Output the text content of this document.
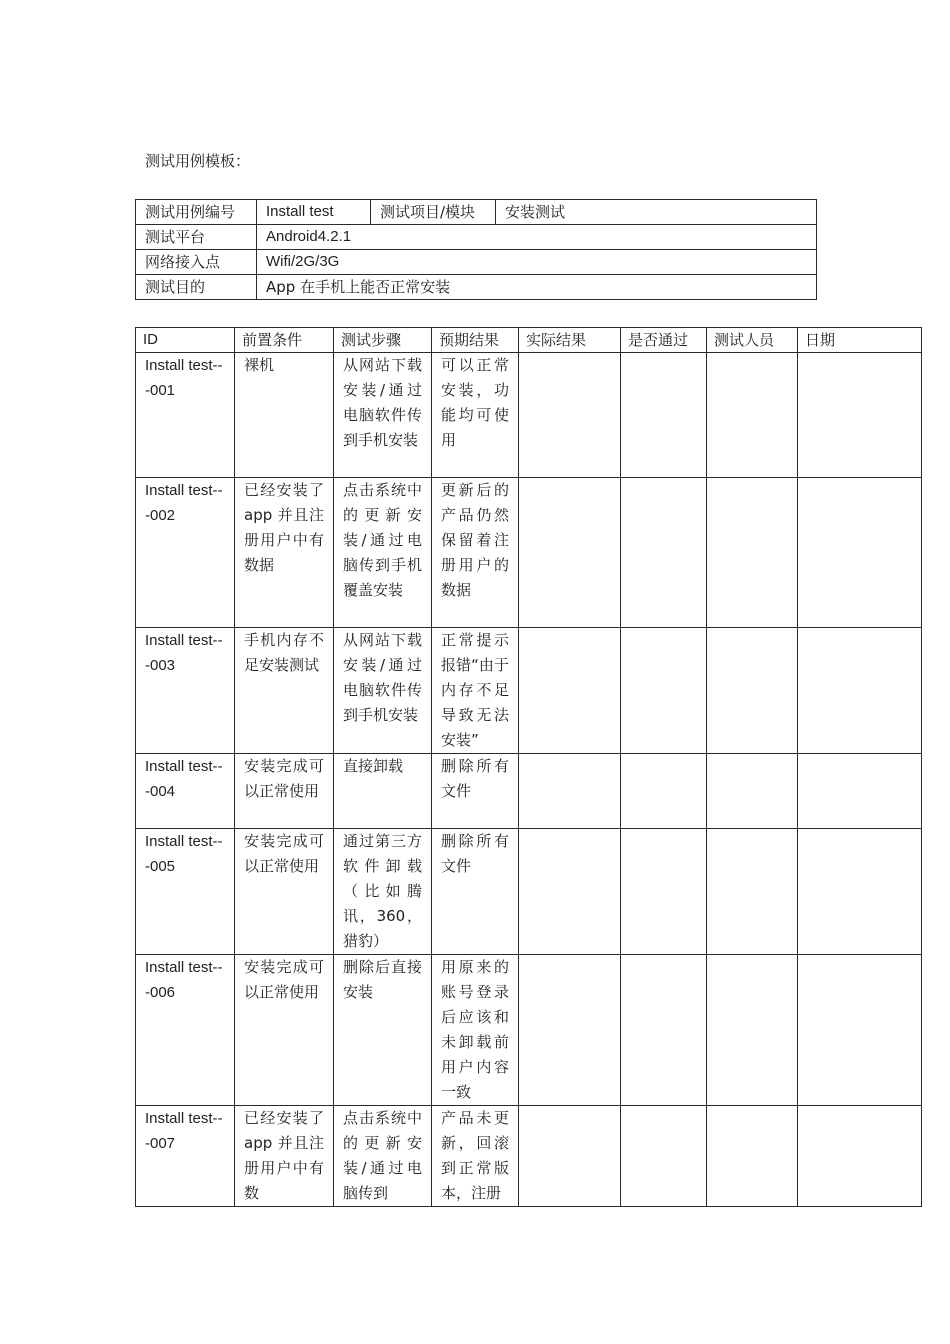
测试用例模板：
测试用例编号	Install test	测试项目/模块	安装测试
测试平台	Android4.2.1		
网络接入点	Wifi/2G/3G		
测试目的	App 在手机上能否正常安装		
ID	前置条件	测试步骤	预期结果	实际结果	是否通过	测试人员	日期
Install test---001	裸机	从网站下载安装/通过电脑软件传到手机安装	可以正常安装，功能均可使用				
Install test---002	已经安装了 app 并且注册用户中有数据	点击系统中的更新安装/通过电脑传到手机覆盖安装	更新后的产品仍然保留着注册用户的数据				
Install test---003	手机内存不足安装测试	从网站下载安装/通过电脑软件传到手机安装	正常提示报错“由于内存不足导致无法安装”				
Install test---004	安装完成可以正常使用	直接卸载	删除所有文件				
Install test---005	安装完成可以正常使用	通过第三方软件卸载（比如腾讯，360，猎豹）	删除所有文件				
Install test---006	安装完成可以正常使用	删除后直接安装	用原来的账号登录后应该和未卸载前用户内容一致				
Install test---007	已经安装了 app 并且注册用户中有数	点击系统中的更新安装/通过电脑传到	产品未更新，回滚到正常版本，注册				
